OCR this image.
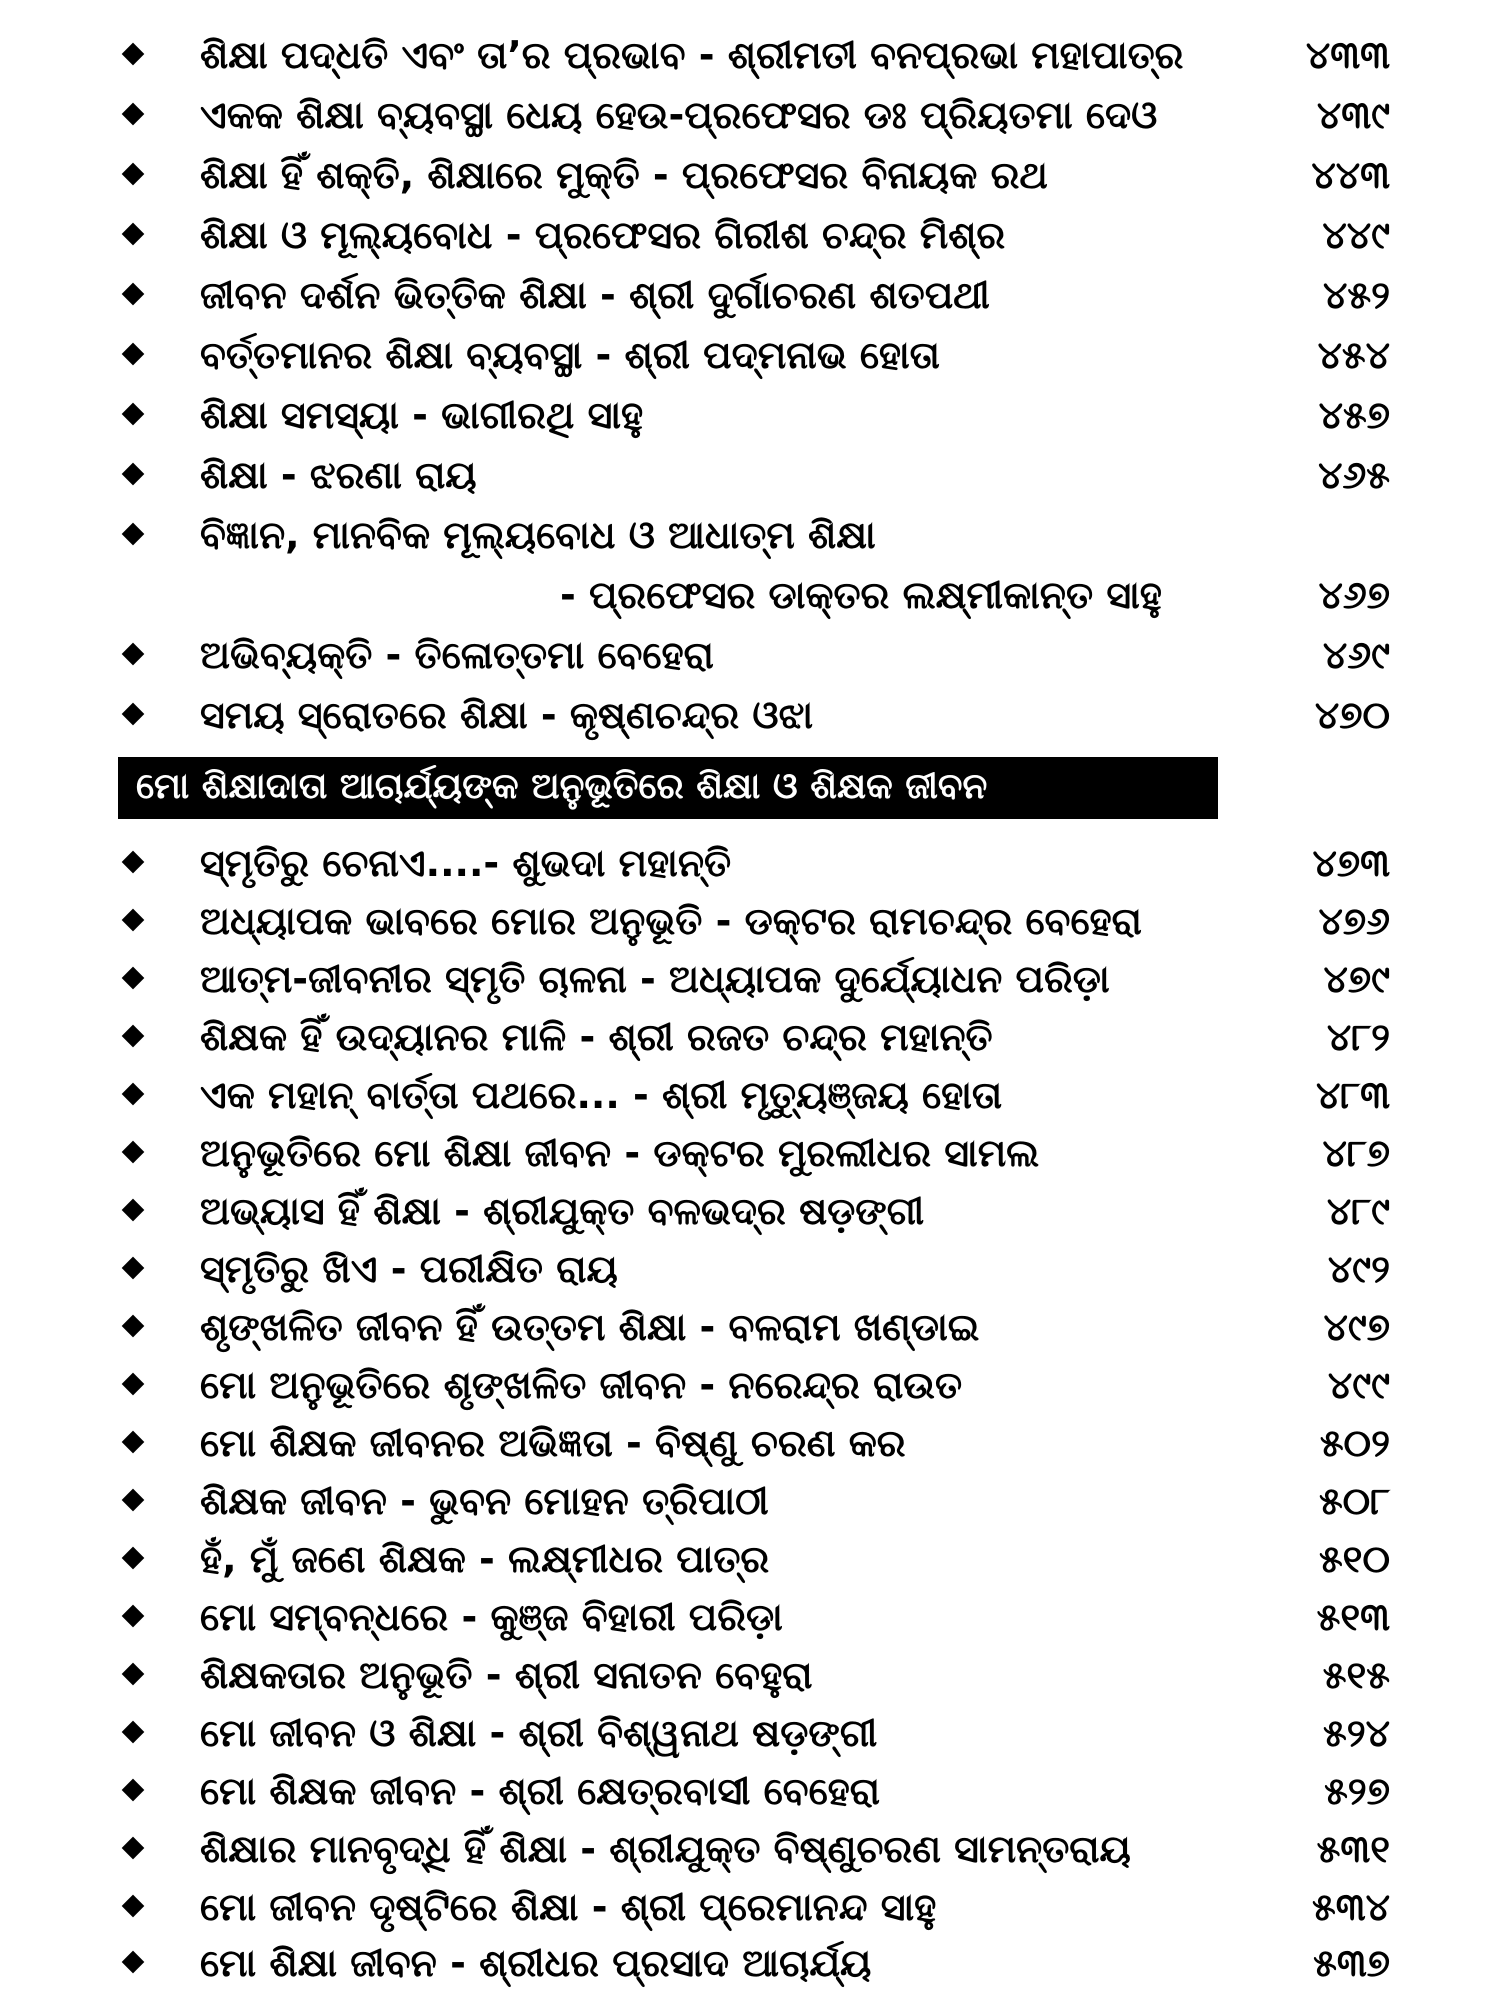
ଶିକ୍ଷା ପଦ୍ଧତି ଏବଂ ତା’ର ପ୍ରଭାବ - ଶ୍ରୀମତୀ ବନପ୍ରଭା ମହାପାତ୍ର	୪୩୩
ଏକକ ଶିକ୍ଷା ବ୍ୟବସ୍ଥା ଧେୟ ହେଉ-ପ୍ରଫେସର ଡଃ ପ୍ରିୟତମା ଦେଓ	୪୩୯
ଶିକ୍ଷା ହିଁ ଶକ୍ତି, ଶିକ୍ଷାରେ ମୁକ୍ତି - ପ୍ରଫେସର ବିନାୟକ ରଥ	୪୪୩
ଶିକ୍ଷା ଓ ମୂଲ୍ୟବୋଧ - ପ୍ରଫେସର ଗିରୀଶ ଚନ୍ଦ୍ର ମିଶ୍ର	୪୪୯
ଜୀବନ ଦର୍ଶନ ଭିତ୍ତିକ ଶିକ୍ଷା - ଶ୍ରୀ ଦୁର୍ଗାଚରଣ ଶତପଥୀ	୪୫୨
ବର୍ତ୍ତମାନର ଶିକ୍ଷା ବ୍ୟବସ୍ଥା - ଶ୍ରୀ ପଦ୍ମନାଭ ହୋତା	୪୫୪
ଶିକ୍ଷା ସମସ୍ୟା - ଭାଗୀରଥି ସାହୁ	୪୫୭
ଶିକ୍ଷା - ଝରଣା ରାୟ	୪୬୫
ବିଜ୍ଞାନ, ମାନବିକ ମୂଲ୍ୟବୋଧ ଓ ଆଧାତ୍ମ ଶିକ୍ଷା
- ପ୍ରଫେସର ଡାକ୍ତର ଲକ୍ଷ୍ମୀକାନ୍ତ ସାହୁ	୪୬୭
ଅଭିବ୍ୟକ୍ତି - ତିଳୋତ୍ତମା ବେହେରା	୪୬୯
ସମୟ ସ୍ରୋତରେ ଶିକ୍ଷା - କୃଷ୍ଣଚନ୍ଦ୍ର ଓଝା	୪୭୦
ମୋ ଶିକ୍ଷାଦାତା ଆଚାର୍ଯ୍ୟଙ୍କ ଅନୁଭୂତିରେ ଶିକ୍ଷା ଓ ଶିକ୍ଷକ ଜୀବନ
ସ୍ମୃତିରୁ ଚେନାଏ....- ଶୁଭଦା ମହାନ୍ତି	୪୭୩
ଅଧ୍ୟାପକ ଭାବରେ ମୋର ଅନୁଭୂତି - ଡକ୍ଟର ରାମଚନ୍ଦ୍ର ବେହେରା	୪୭୬
ଆତ୍ମ-ଜୀବନୀର ସ୍ମୃତି ଚାଳନା - ଅଧ୍ୟାପକ ଦୁର୍ଯ୍ୟୋଧନ ପରିଡ଼ା	୪୭୯
ଶିକ୍ଷକ ହିଁ ଉଦ୍ୟାନର ମାଳି - ଶ୍ରୀ ରଜତ ଚନ୍ଦ୍ର ମହାନ୍ତି	୪୮୨
ଏକ ମହାନ୍ ବାର୍ତ୍ତା ପଥରେ... - ଶ୍ରୀ ମୃତ୍ୟୁଞ୍ଜୟ ହୋତା	୪୮୩
ଅନୁଭୂତିରେ ମୋ ଶିକ୍ଷା ଜୀବନ - ଡକ୍ଟର ମୁରଲୀଧର ସାମଲ	୪୮୭
ଅଭ୍ୟାସ ହିଁ ଶିକ୍ଷା - ଶ୍ରୀଯୁକ୍ତ ବଳଭଦ୍ର ଷଡ଼ଙ୍ଗୀ	୪୮୯
ସ୍ମୃତିରୁ ଖିଏ - ପରୀକ୍ଷିତ ରାୟ	୪୯୨
ଶୃଙ୍ଖଳିତ ଜୀବନ ହିଁ ଉତ୍ତମ ଶିକ୍ଷା - ବଳରାମ ଖଣ୍ଡାଇ	୪୯୭
ମୋ ଅନୁଭୂତିରେ ଶୃଙ୍ଖଳିତ ଜୀବନ - ନରେନ୍ଦ୍ର ରାଉତ	୪୯୯
ମୋ ଶିକ୍ଷକ ଜୀବନର ଅଭିଜ୍ଞତା - ବିଷ୍ଣୁ ଚରଣ କର	୫୦୨
ଶିକ୍ଷକ ଜୀବନ - ଭୁବନ ମୋହନ ତ୍ରିପାଠୀ	୫୦୮
ହଁ, ମୁଁ ଜଣେ ଶିକ୍ଷକ - ଲକ୍ଷ୍ମୀଧର ପାତ୍ର	୫୧୦
ମୋ ସମ୍ବନ୍ଧରେ - କୁଞ୍ଜ ବିହାରୀ ପରିଡ଼ା	୫୧୩
ଶିକ୍ଷକତାର ଅନୁଭୂତି - ଶ୍ରୀ ସନାତନ ବେହୁରା	୫୧୫
ମୋ ଜୀବନ ଓ ଶିକ୍ଷା - ଶ୍ରୀ ବିଶ୍ୱନାଥ ଷଡ଼ଙ୍ଗୀ	୫୨୪
ମୋ ଶିକ୍ଷକ ଜୀବନ - ଶ୍ରୀ କ୍ଷେତ୍ରବାସୀ ବେହେରା	୫୨୭
ଶିକ୍ଷାର ମାନବୃଦ୍ଧି ହିଁ ଶିକ୍ଷା - ଶ୍ରୀଯୁକ୍ତ ବିଷ୍ଣୁଚରଣ ସାମନ୍ତରାୟ	୫୩୧
ମୋ ଜୀବନ ଦୃଷ୍ଟିରେ ଶିକ୍ଷା - ଶ୍ରୀ ପ୍ରେମାନନ୍ଦ ସାହୁ	୫୩୪
ମୋ ଶିକ୍ଷା ଜୀବନ - ଶ୍ରୀଧର ପ୍ରସାଦ ଆଚାର୍ଯ୍ୟ	୫୩୭
